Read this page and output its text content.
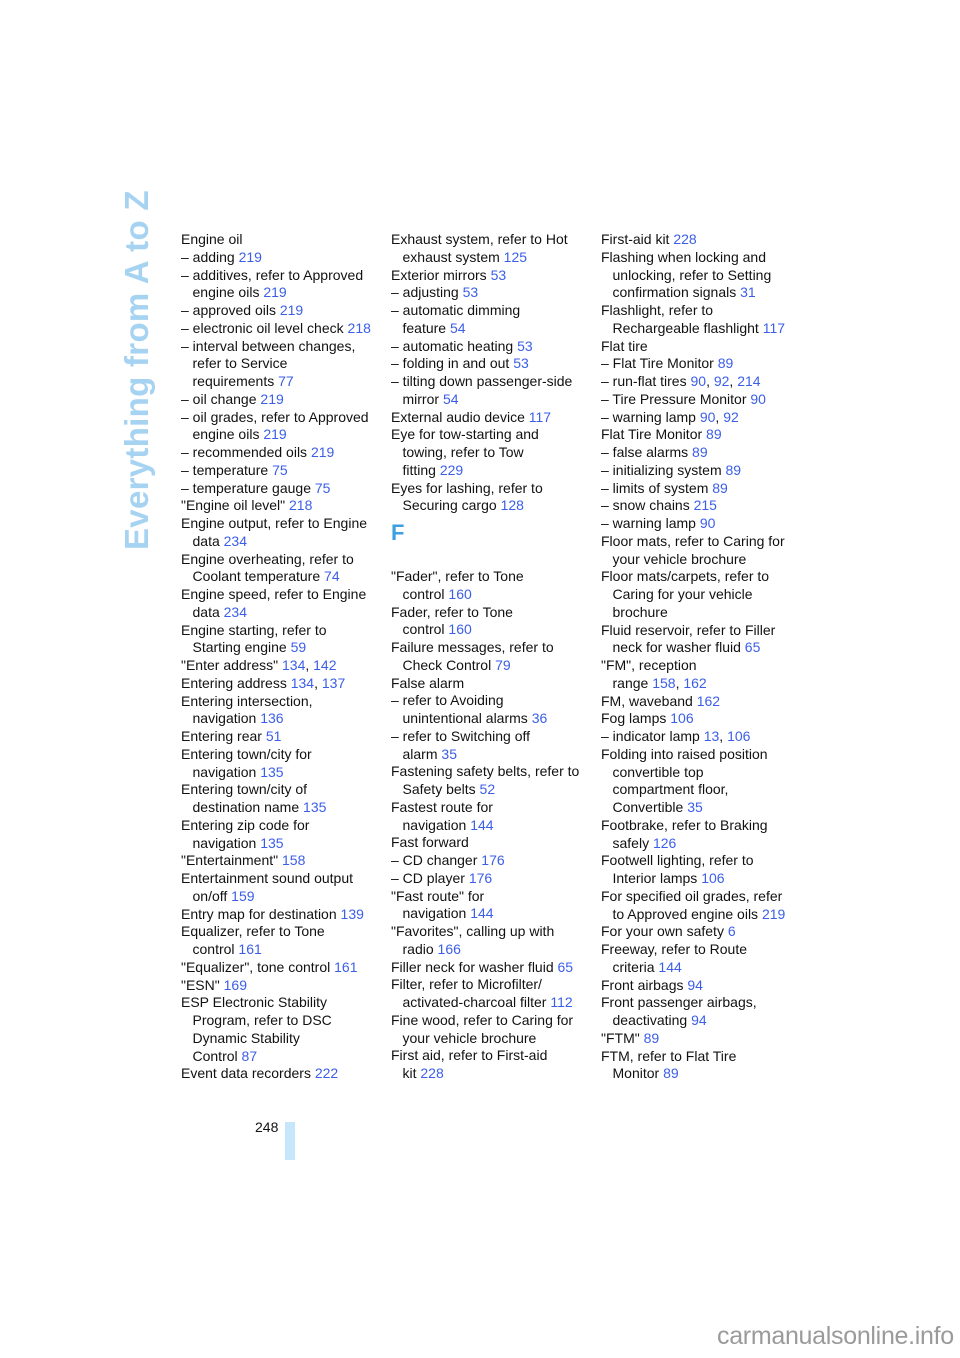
Everything from A to Z Engine oil
– adding 219
– additives, refer to Approved
engine oils 219
– approved oils 219
– electronic oil level check 218
– interval between changes,
refer to Service
requirements 77
– oil change 219
– oil grades, refer to Approved
engine oils 219
– recommended oils 219
– temperature 75
– temperature gauge 75
"Engine oil level" 218
Engine output, refer to Engine
data 234
Engine overheating, refer to
Coolant temperature 74
Engine speed, refer to Engine
data 234
Engine starting, refer to
Starting engine 59
"Enter address" 134, 142
Entering address 134, 137
Entering intersection,
navigation 136
Entering rear 51
Entering town/city for
navigation 135
Entering town/city of
destination name 135
Entering zip code for
navigation 135
"Entertainment" 158
Entertainment sound output
on/off 159
Entry map for destination 139
Equalizer, refer to Tone
control 161
"Equalizer", tone control 161
"ESN" 169
ESP Electronic Stability
Program, refer to DSC
Dynamic Stability
Control 87
Event data recorders 222
Exhaust system, refer to Hot
exhaust system 125
Exterior mirrors 53
– adjusting 53
– automatic dimming
feature 54
– automatic heating 53
– folding in and out 53
– tilting down passenger-side
mirror 54
External audio device 117
Eye for tow-starting and
towing, refer to Tow
fitting 229
Eyes for lashing, refer to
Securing cargo 128
F
"Fader", refer to Tone
control 160
Fader, refer to Tone
control 160
Failure messages, refer to
Check Control 79
False alarm
– refer to Avoiding
unintentional alarms 36
– refer to Switching off
alarm 35
Fastening safety belts, refer to
Safety belts 52
Fastest route for
navigation 144
Fast forward
– CD changer 176
– CD player 176
"Fast route" for
navigation 144
"Favorites", calling up with
radio 166
Filler neck for washer fluid 65
Filter, refer to Microfilter/
activated-charcoal filter 112
Fine wood, refer to Caring for
your vehicle brochure
First aid, refer to First-aid
kit 228
First-aid kit 228
Flashing when locking and
unlocking, refer to Setting
confirmation signals 31
Flashlight, refer to
Rechargeable flashlight 117
Flat tire
– Flat Tire Monitor 89
– run-flat tires 90, 92, 214
– Tire Pressure Monitor 90
– warning lamp 90, 92
Flat Tire Monitor 89
– false alarms 89
– initializing system 89
– limits of system 89
– snow chains 215
– warning lamp 90
Floor mats, refer to Caring for
your vehicle brochure
Floor mats/carpets, refer to
Caring for your vehicle
brochure
Fluid reservoir, refer to Filler
neck for washer fluid 65
"FM", reception
range 158, 162
FM, waveband 162
Fog lamps 106
– indicator lamp 13, 106
Folding into raised position
convertible top
compartment floor,
Convertible 35
Footbrake, refer to Braking
safely 126
Footwell lighting, refer to
Interior lamps 106
For specified oil grades, refer
to Approved engine oils 219
For your own safety 6
Freeway, refer to Route
criteria 144
Front airbags 94
Front passenger airbags,
deactivating 94
"FTM" 89
FTM, refer to Flat Tire
Monitor 89
248
carmanualsonline.info
